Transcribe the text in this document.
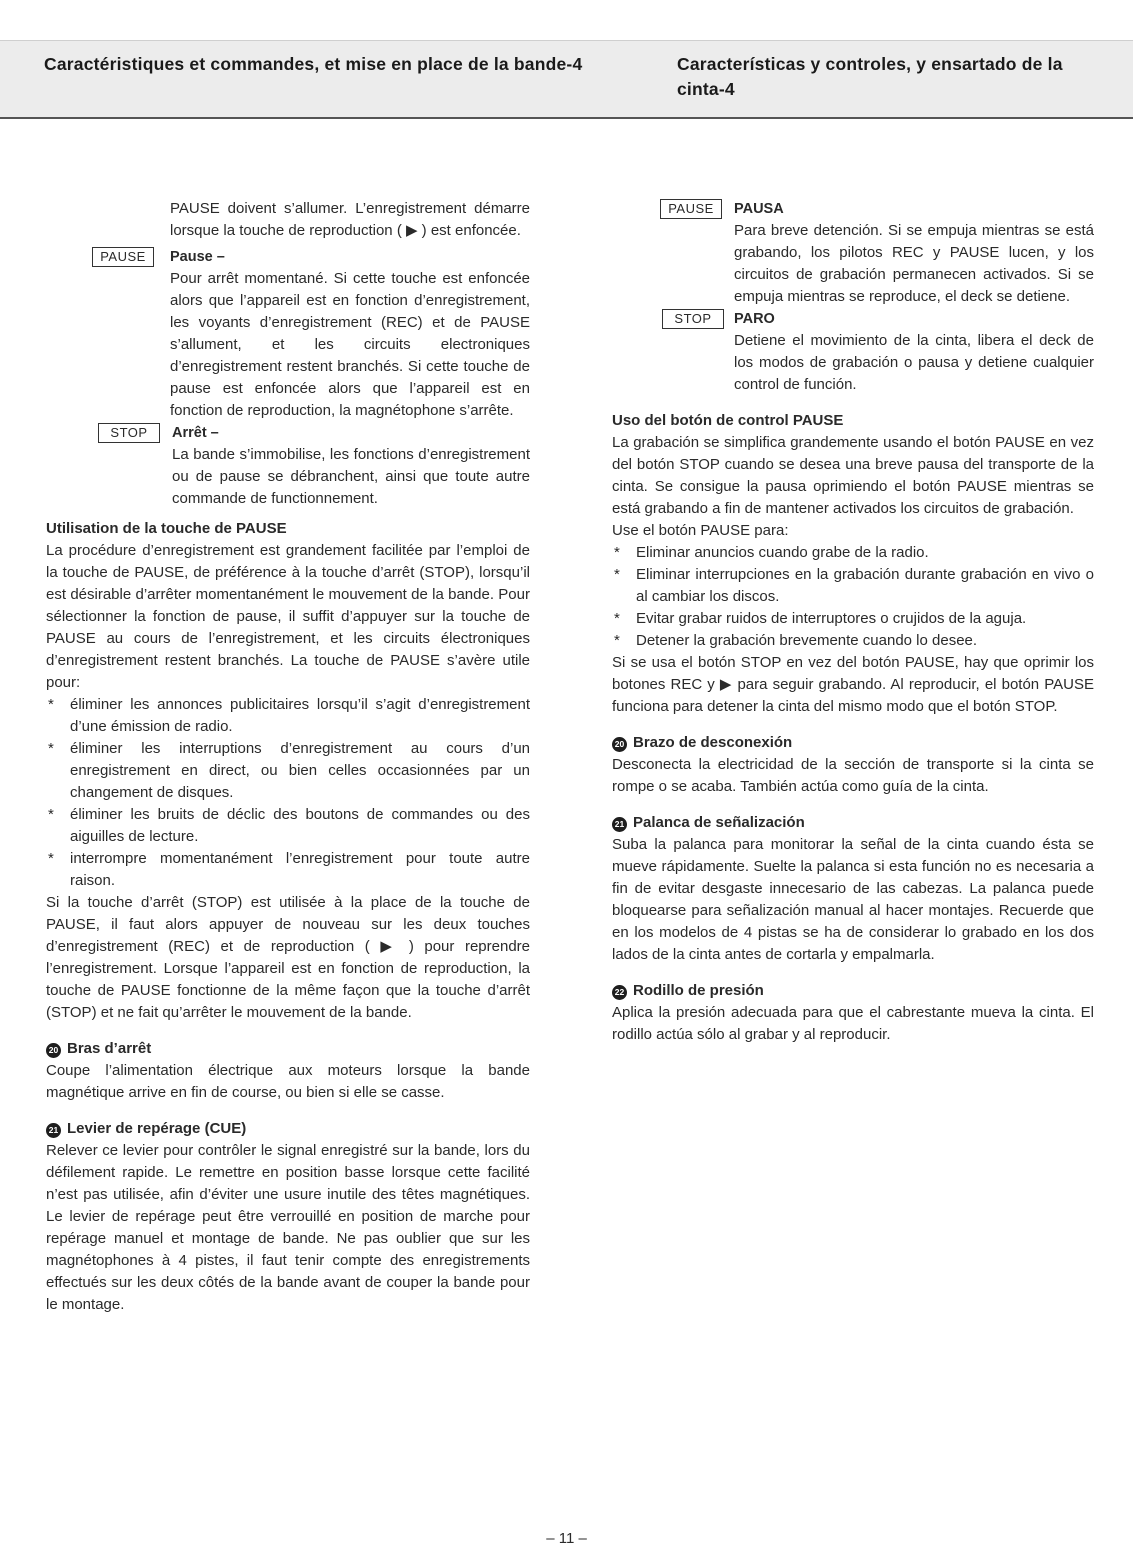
Caractéristiques et commandes, et mise en place de la bande-4	Características y controles, y ensartado de la cinta-4

PAUSE doivent s’allumer. L’enregistrement démarre lorsque la touche de reproduction ( ▶ ) est enfoncée.

PAUSE	Pause –

Pour arrêt momentané. Si cette touche est enfoncée alors que l’appareil est en fonction d’enregistrement, les voyants d’enregistrement (REC) et de PAUSE s’allument, et les circuits electroniques d’enregistrement restent branchés. Si cette touche de pause est enfoncée alors que l’appareil est en fonction de reproduction, la magnétophone s’arrête.

STOP	Arrêt –

La bande s’immobilise, les fonctions d’enregistrement ou de pause se débranchent, ainsi que toute autre commande de functionnement.

Utilisation de la touche de PAUSE

La procédure d’enregistrement est grandement facilitée par l’emploi de la touche de PAUSE, de préférence à la touche d’arrêt (STOP), lorsqu’il est désirable d’arrêter momentanément le mouvement de la bande. Pour sélectionner la fonction de pause, il suffit d’appuyer sur la touche de PAUSE au cours de l’enregistrement, et les circuits électroniques d’enregistrement restent branchés. La touche de PAUSE s’avère utile pour:

* éliminer les annonces publicitaires lorsqu’il s’agit d’enregistrement d’une émission de radio.
* éliminer les interruptions d’enregistrement au cours d’un enregistrement en direct, ou bien celles occasionnées par un changement de disques.
* éliminer les bruits de déclic des boutons de commandes ou des aiguilles de lecture.
* interrompre momentanément l’enregistrement pour toute autre raison.

Si la touche d’arrêt (STOP) est utilisée à la place de la touche de PAUSE, il faut alors appuyer de nouveau sur les deux touches d’enregistrement (REC) et de reproduction ( ▶ ) pour reprendre l’enregistrement. Lorsque l’appareil est en fonction de reproduction, la touche de PAUSE fonctionne de la même façon que la touche d’arrêt (STOP) et ne fait qu’arrêter le mouvement de la bande.

20 Bras d’arrêt

Coupe l’alimentation électrique aux moteurs lorsque la bande magnétique arrive en fin de course, ou bien si elle se casse.

21 Levier de repérage (CUE)

Relever ce levier pour contrôler le signal enregistré sur la bande, lors du défilement rapide. Le remettre en position basse lorsque cette facilité n’est pas utilisée, afin d’éviter une usure inutile des têtes magnétiques. Le levier de repérage peut être verrouillé en position de marche pour repérage manuel et montage de bande. Ne pas oublier que sur les magnétophones à 4 pistes, il faut tenir compte des enregistrements effectués sur les deux côtés de la bande avant de couper la bande pour le montage.

PAUSE	PAUSA

Para breve detención. Si se empuja mientras se está grabando, los pilotos REC y PAUSE lucen, y los circuitos de grabación permanecen activados. Si se empuja mientras se reproduce, el deck se detiene.

STOP	PARO

Detiene el movimiento de la cinta, libera el deck de los modos de grabación o pausa y detiene cualquier control de función.

Uso del botón de control PAUSE

La grabación se simplifica grandemente usando el botón PAUSE en vez del botón STOP cuando se desea una breve pausa del transporte de la cinta. Se consigue la pausa oprimiendo el botón PAUSE mientras se está grabando a fin de mantener activados los circuitos de grabación.

Use el botón PAUSE para:

* Eliminar anuncios cuando grabe de la radio.
* Eliminar interrupciones en la grabación durante grabación en vivo o al cambiar los discos.
* Evitar grabar ruidos de interruptores o crujidos de la aguja.
* Detener la grabación brevemente cuando lo desee.

Si se usa el botón STOP en vez del botón PAUSE, hay que oprimir los botones REC y ▶ para seguir grabando. Al reproducir, el botón PAUSE funciona para detener la cinta del mismo modo que el botón STOP.

20 Brazo de desconexión

Desconecta la electricidad de la sección de transporte si la cinta se rompe o se acaba. También actúa como guía de la cinta.

21 Palanca de señalización

Suba la palanca para monitorar la señal de la cinta cuando ésta se mueve rápidamente. Suelte la palanca si esta función no es necesaria a fin de evitar desgaste innecesario de las cabezas. La palanca puede bloquearse para señalización manual al hacer montajes. Recuerde que en los modelos de 4 pistas se ha de considerar lo grabado en los dos lados de la cinta antes de cortarla y empalmarla.

22 Rodillo de presión

Aplica la presión adecuada para que el cabrestante mueva la cinta. El rodillo actúa sólo al grabar y al reproducir.

– 11 –
